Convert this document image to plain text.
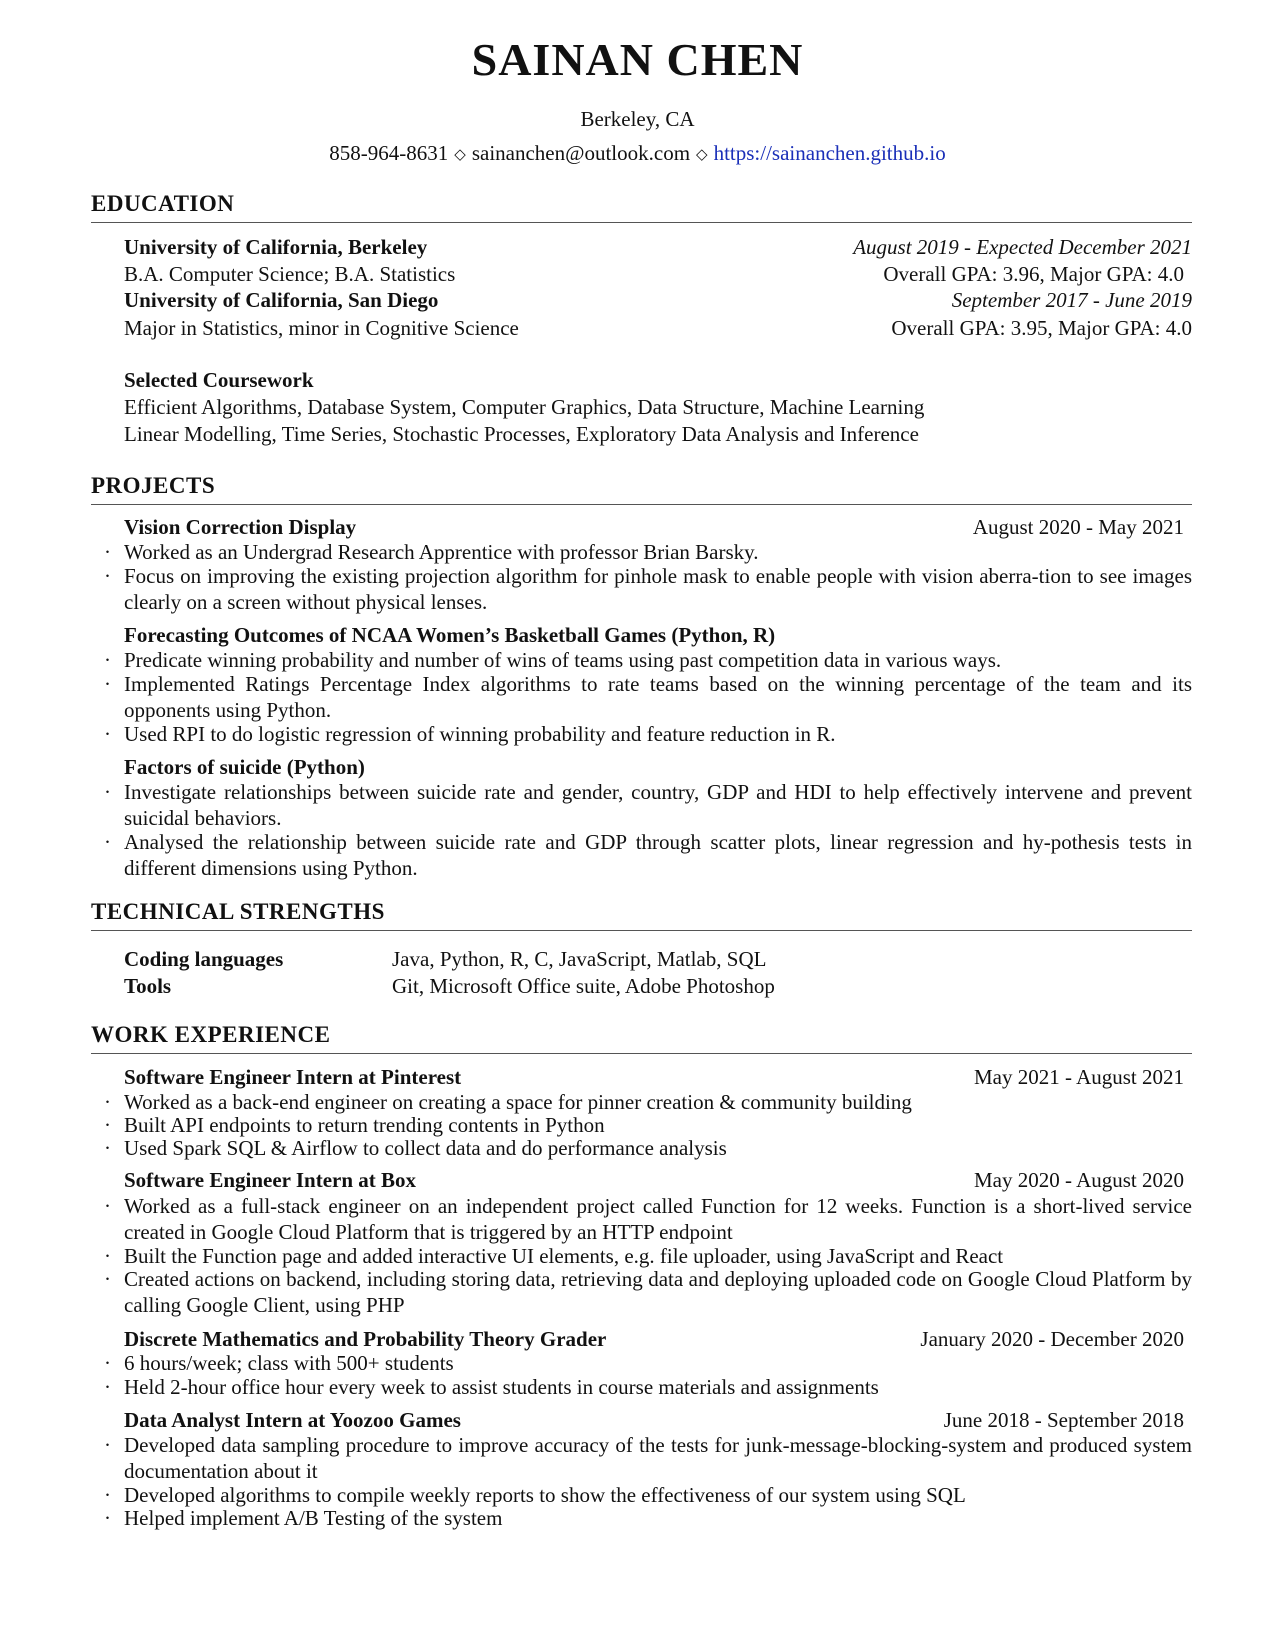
SAINAN CHEN
Berkeley, CA
858-964-8631 ◇ sainanchen@outlook.com ◇ https://sainanchen.github.io
EDUCATION
University of California, Berkeley	August 2019 - Expected December 2021
B.A. Computer Science; B.A. Statistics	Overall GPA: 3.96, Major GPA: 4.0
University of California, San Diego	September 2017 - June 2019
Major in Statistics, minor in Cognitive Science	Overall GPA: 3.95, Major GPA: 4.0
Selected Coursework
Efficient Algorithms, Database System, Computer Graphics, Data Structure, Machine Learning
Linear Modelling, Time Series, Stochastic Processes, Exploratory Data Analysis and Inference
PROJECTS
Vision Correction Display	August 2020 - May 2021
· Worked as an Undergrad Research Apprentice with professor Brian Barsky.
· Focus on improving the existing projection algorithm for pinhole mask to enable people with vision aberra-tion to see images clearly on a screen without physical lenses.
Forecasting Outcomes of NCAA Women’s Basketball Games (Python, R)
· Predicate winning probability and number of wins of teams using past competition data in various ways.
· Implemented Ratings Percentage Index algorithms to rate teams based on the winning percentage of the team and its opponents using Python.
· Used RPI to do logistic regression of winning probability and feature reduction in R.
Factors of suicide (Python)
· Investigate relationships between suicide rate and gender, country, GDP and HDI to help effectively intervene and prevent suicidal behaviors.
· Analysed the relationship between suicide rate and GDP through scatter plots, linear regression and hy-pothesis tests in different dimensions using Python.
TECHNICAL STRENGTHS
Coding languages	Java, Python, R, C, JavaScript, Matlab, SQL
Tools	Git, Microsoft Office suite, Adobe Photoshop
WORK EXPERIENCE
Software Engineer Intern at Pinterest	May 2021 - August 2021
· Worked as a back-end engineer on creating a space for pinner creation & community building
· Built API endpoints to return trending contents in Python
· Used Spark SQL & Airflow to collect data and do performance analysis
Software Engineer Intern at Box	May 2020 - August 2020
· Worked as a full-stack engineer on an independent project called Function for 12 weeks. Function is a short-lived service created in Google Cloud Platform that is triggered by an HTTP endpoint
· Built the Function page and added interactive UI elements, e.g. file uploader, using JavaScript and React
· Created actions on backend, including storing data, retrieving data and deploying uploaded code on Google Cloud Platform by calling Google Client, using PHP
Discrete Mathematics and Probability Theory Grader	January 2020 - December 2020
· 6 hours/week; class with 500+ students
· Held 2-hour office hour every week to assist students in course materials and assignments
Data Analyst Intern at Yoozoo Games	June 2018 - September 2018
· Developed data sampling procedure to improve accuracy of the tests for junk-message-blocking-system and produced system documentation about it
· Developed algorithms to compile weekly reports to show the effectiveness of our system using SQL
· Helped implement A/B Testing of the system
